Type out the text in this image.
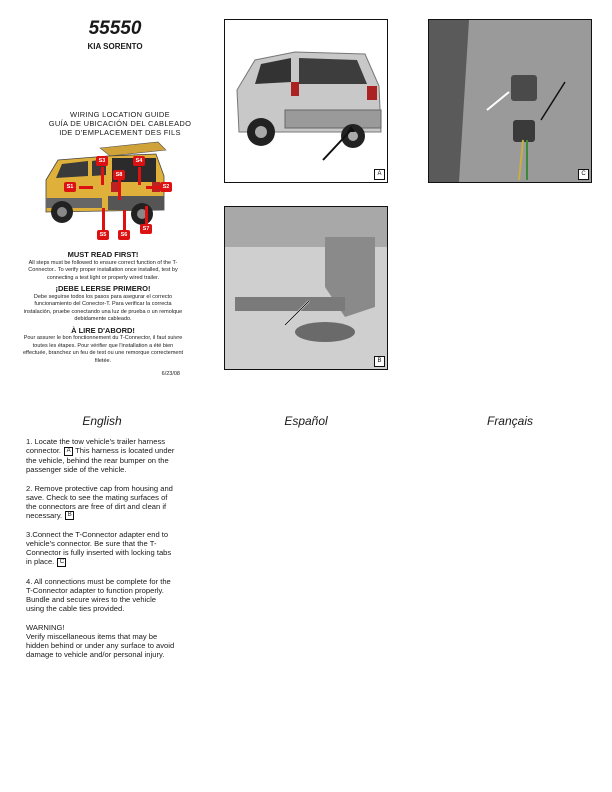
55550
KIA SORENTO
WIRING LOCATION GUIDE
GUÍA DE UBICACIÓN DEL CABLEADO
IDE D'EMPLACEMENT DES FILS
S1	S2
S3	S4
S5	S6
S7
S8
MUST READ FIRST!
All steps must be followed to ensure correct function of the T-Connector.. To verify proper installation once installed, test by connecting a test light or properly wired trailer.
¡DEBE LEERSE PRIMERO!
Debe seguirse todos los pasos para asegurar el correcto funcionamiento del Conector-T. Para verificar la correcta instalación, pruebe conectando una luz de prueba o un remolque debidamente cableado.
À LIRE D'ABORD!
Pour assurer le bon fonctionnement du T-Connector, il faut suivre toutes les étapes. Pour vérifier que l'installation a été bien effectuée, branchez un feu de test ou une remorque correctement filetée.
6/23/08
A
B
C
English	Español	Français

1. Locate the tow vehicle's trailer harness connector. A This harness is located under the vehicle, behind the rear bumper on the passenger side of the vehicle.

2. Remove protective cap from housing and save. Check to see the mating surfaces of the connectors are free of dirt and clean if necessary. B

3.Connect the T-Connector adapter end to vehicle's connector. Be sure that the T-Connector is fully inserted with locking tabs in place. C

4. All connections must be complete for the T-Connector adapter to function properly. Bundle and secure wires to the vehicle using the cable ties provided.

WARNING!
Verify miscellaneous items that may be hidden behind or under any surface to avoid damage to vehicle and/or personal injury.
